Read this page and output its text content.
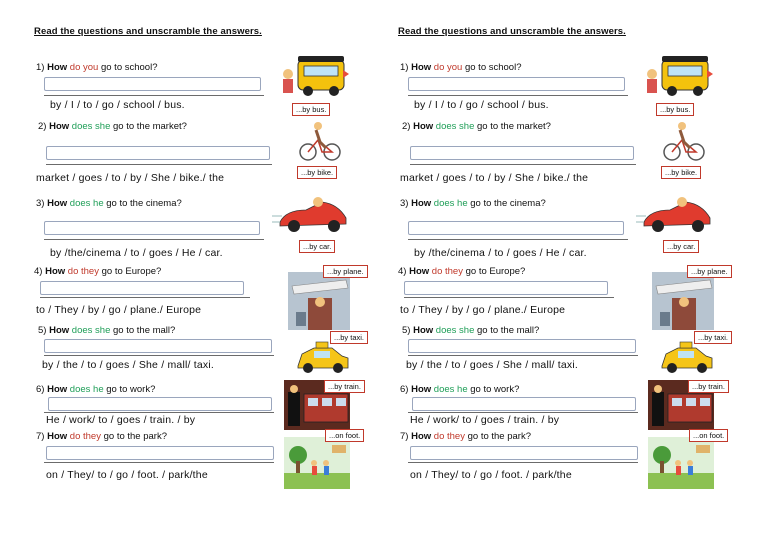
Read the questions and unscramble the answers.
1) How do you go to school?
by / I / to / go / school / bus.	...by bus.
2) How does she go to the market?
market / goes / to / by / She / bike./ the	...by bike.
3) How does he go to the cinema?
by /the/cinema / to / goes / He / car.
...by car.
4) How do they go to Europe?
to / They / by / go / plane./ Europe
...by plane.
5) How does she go to the mall?
by / the / to / goes / She / mall/ taxi.
...by taxi.
6) How does he go to work?
He / work/ to / goes / train. / by
...by train.
7) How do they go to the park?
on / They/ to / go / foot. / park/the
...on foot.
Read the questions and unscramble the answers.
1) How do you go to school?
by / I / to / go / school / bus.	...by bus.
2) How does she go to the market?
market / goes / to / by / She / bike./ the	...by bike.
3) How does he go to the cinema?
by /the/cinema / to / goes / He / car.
...by car.
4) How do they go to Europe?
to / They / by / go / plane./ Europe
...by plane.
5) How does she go to the mall?
by / the / to / goes / She / mall/ taxi.
...by taxi.
6) How does he go to work?
He / work/ to / goes / train. / by
...by train.
7) How do they go to the park?
on / They/ to / go / foot. / park/the
...on foot.
